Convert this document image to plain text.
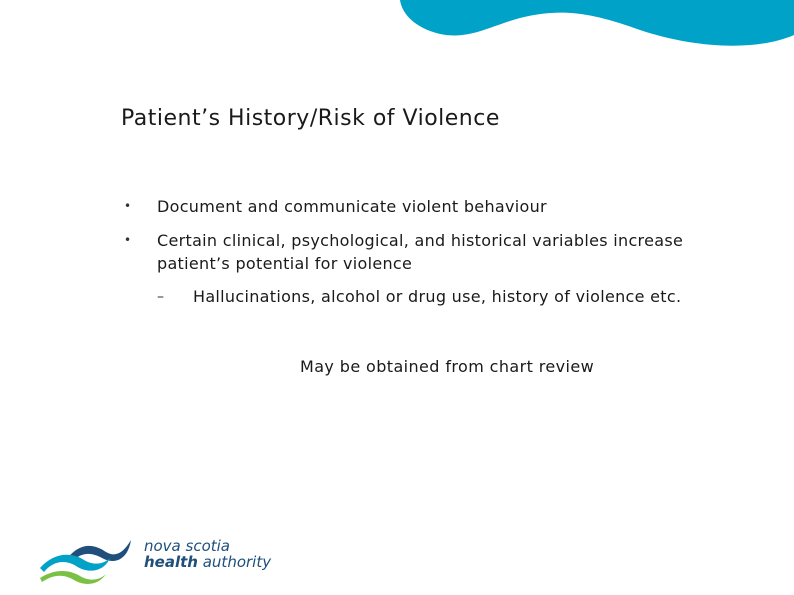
Patient’s History/Risk of Violence
• Document and communicate violent behaviour
• Certain clinical, psychological, and historical variables increase patient’s potential for violence
– Hallucinations, alcohol or drug use, history of violence etc.
May be obtained from chart review
nova scotia
health authority
